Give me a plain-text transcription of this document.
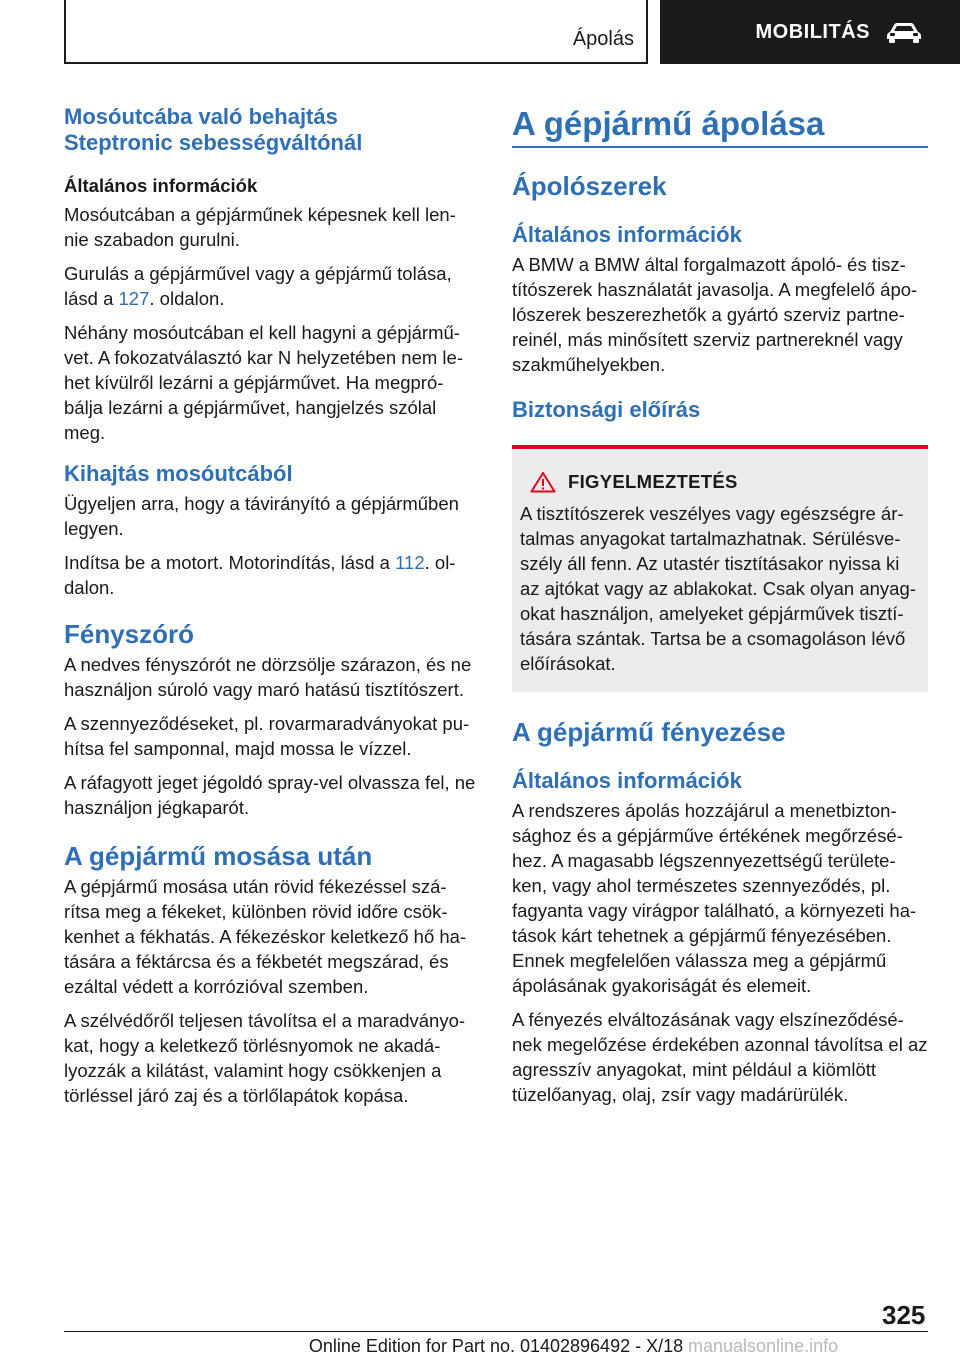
Ápolás	MOBILITÁS
Mosóutcába való behajtás
Steptronic sebességváltónál
Általános információk

Mosóutcában a gépjárműnek képesnek kell len‐nie szabadon gurulni.

Gurulás a gépjárművel vagy a gépjármű tolása, lásd a 127. oldalon.

Néhány mosóutcában el kell hagyni a gépjármű‐vet. A fokozatválasztó kar N helyzetében nem le‐het kívülről lezárni a gépjárművet. Ha megpró‐bálja lezárni a gépjárművet, hangjelzés szólal meg.

Kihajtás mosóutcából

Ügyeljen arra, hogy a távirányító a gépjárműben legyen.

Indítsa be a motort. Motorindítás, lásd a 112. ol‐dalon.

Fényszóró

A nedves fényszórót ne dörzsölje szárazon, és ne használjon súroló vagy maró hatású tisztítószert.

A szennyeződéseket, pl. rovarmaradványokat pu‐hítsa fel samponnal, majd mossa le vízzel.

A ráfagyott jeget jégoldó spray-vel olvassza fel, ne használjon jégkaparót.

A gépjármű mosása után

A gépjármű mosása után rövid fékezéssel szá‐rítsa meg a fékeket, különben rövid időre csök‐kenhet a fékhatás. A fékezéskor keletkező hő ha‐tására a féktárcsa és a fékbetét megszárad, és ezáltal védett a korrózióval szemben.

A szélvédőről teljesen távolítsa el a maradványo‐kat, hogy a keletkező törlésnyomok ne akadá‐lyozzák a kilátást, valamint hogy csökkenjen a törléssel járó zaj és a törlőlapátok kopása.

A gépjármű ápolása
Ápolószerek
Általános információk

A BMW a BMW által forgalmazott ápoló- és tisz‐títószerek használatát javasolja. A megfelelő ápo‐lószerek beszerezhetők a gyártó szerviz partne‐reinél, más minősített szerviz partnereknél vagy szakműhelyekben.

Biztonsági előírás
FIGYELMEZTETÉS

A tisztítószerek veszélyes vagy egészségre ár‐talmas anyagokat tartalmazhatnak. Sérülésve‐szély áll fenn. Az utastér tisztításakor nyissa ki az ajtókat vagy az ablakokat. Csak olyan anyag‐okat használjon, amelyeket gépjárművek tisztí‐tására szántak. Tartsa be a csomagoláson lévő előírásokat.

A gépjármű fényezése
Általános információk

A rendszeres ápolás hozzájárul a menetbizton‐sághoz és a gépjárműve értékének megőrzésé‐hez. A magasabb légszennyezettségű területe‐ken, vagy ahol természetes szennyeződés, pl. fagyanta vagy virágpor található, a környezeti ha‐tások kárt tehetnek a gépjármű fényezésében. Ennek megfelelően válassza meg a gépjármű ápolásának gyakoriságát és elemeit.

A fényezés elváltozásának vagy elszíneződésé‐nek megelőzése érdekében azonnal távolítsa el az agresszív anyagokat, mint például a kiömlött tüzelőanyag, olaj, zsír vagy madárürülék.

325
Online Edition for Part no. 01402896492 - X/18 manualsonline.info
